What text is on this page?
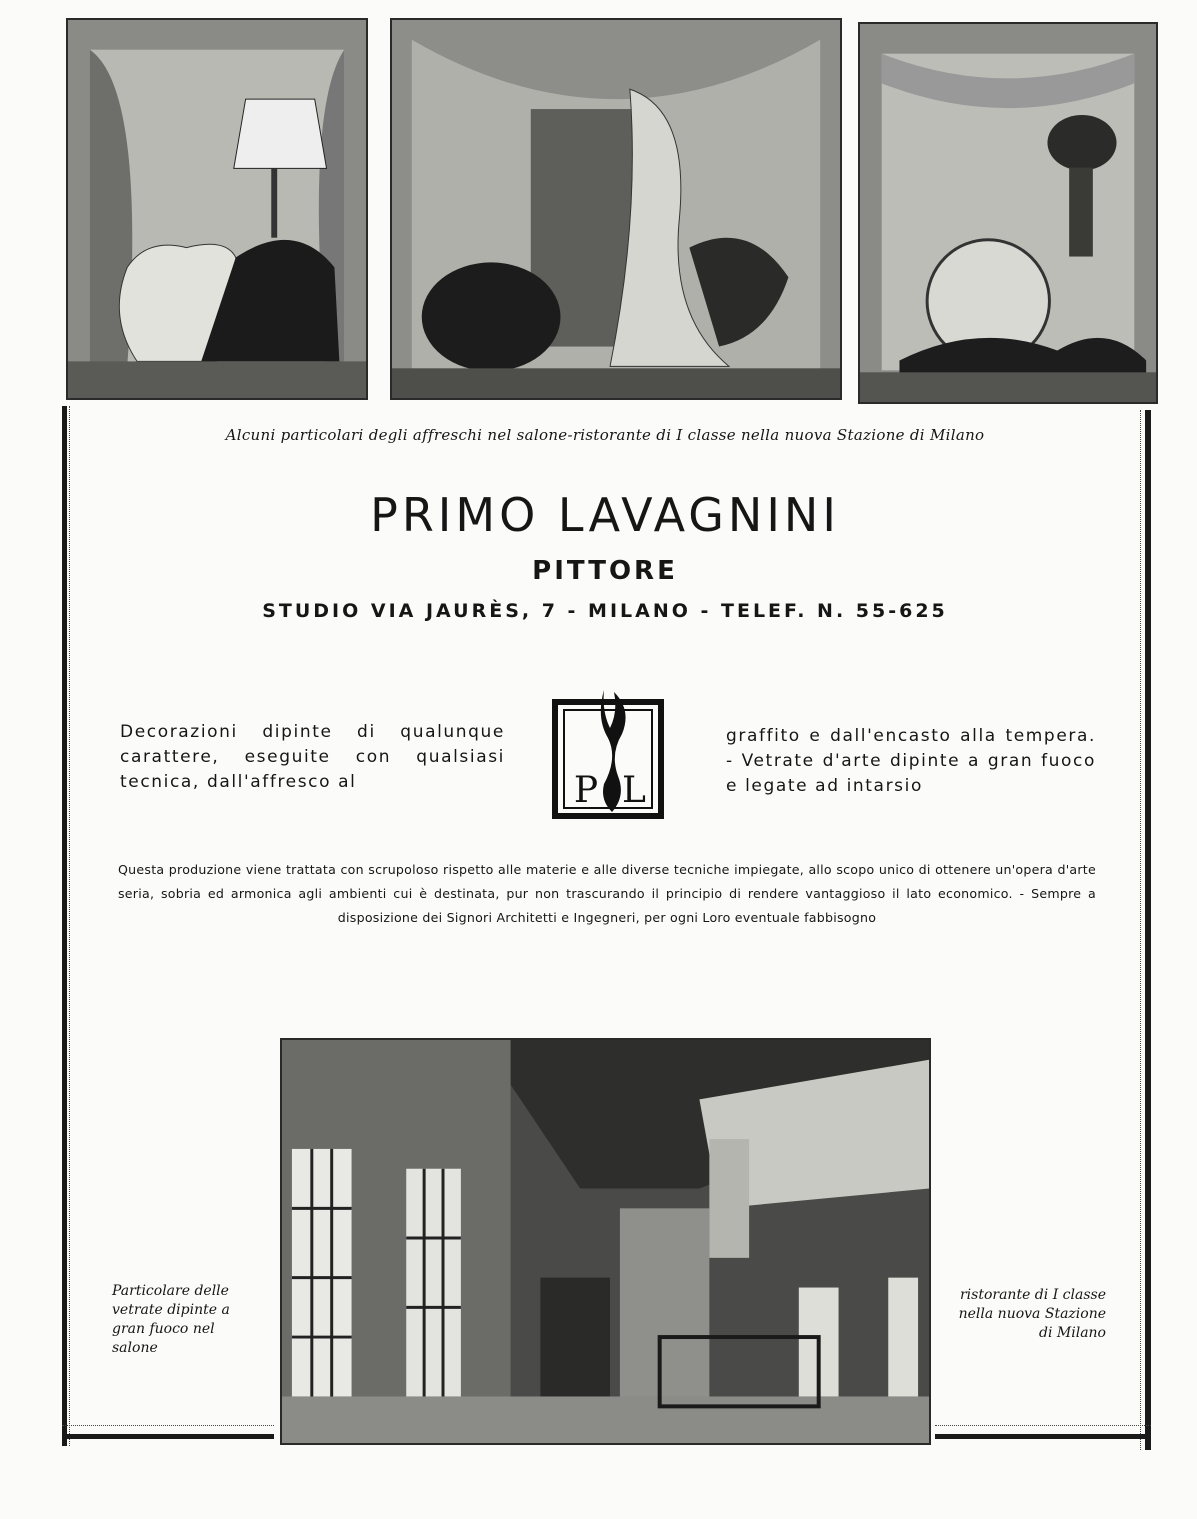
Alcuni particolari degli affreschi nel salone-ristorante di I classe nella nuova Stazione di Milano
PRIMO LAVAGNINI
PITTORE
STUDIO VIA JAURÈS, 7 - MILANO - TELEF. N. 55-625
Decorazioni dipinte di qualunque carattere, eseguite con qualsiasi tecnica, dall'affresco al	P L
graffito e dall'encasto alla tempera. - Vetrate d'arte dipinte a gran fuoco e legate ad intarsio
Questa produzione viene trattata con scrupoloso rispetto alle materie e alle diverse tecniche impiegate, allo scopo unico di ottenere un'opera d'arte seria, sobria ed armonica agli ambienti cui è destinata, pur non trascurando il principio di rendere vantaggioso il lato economico. - Sempre a disposizione dei Signori Architetti e Ingegneri, per ogni Loro eventuale fabbisogno
Particolare delle vetrate dipinte a gran fuoco nel salone
ristorante di I classe nella nuova Stazione di Milano
